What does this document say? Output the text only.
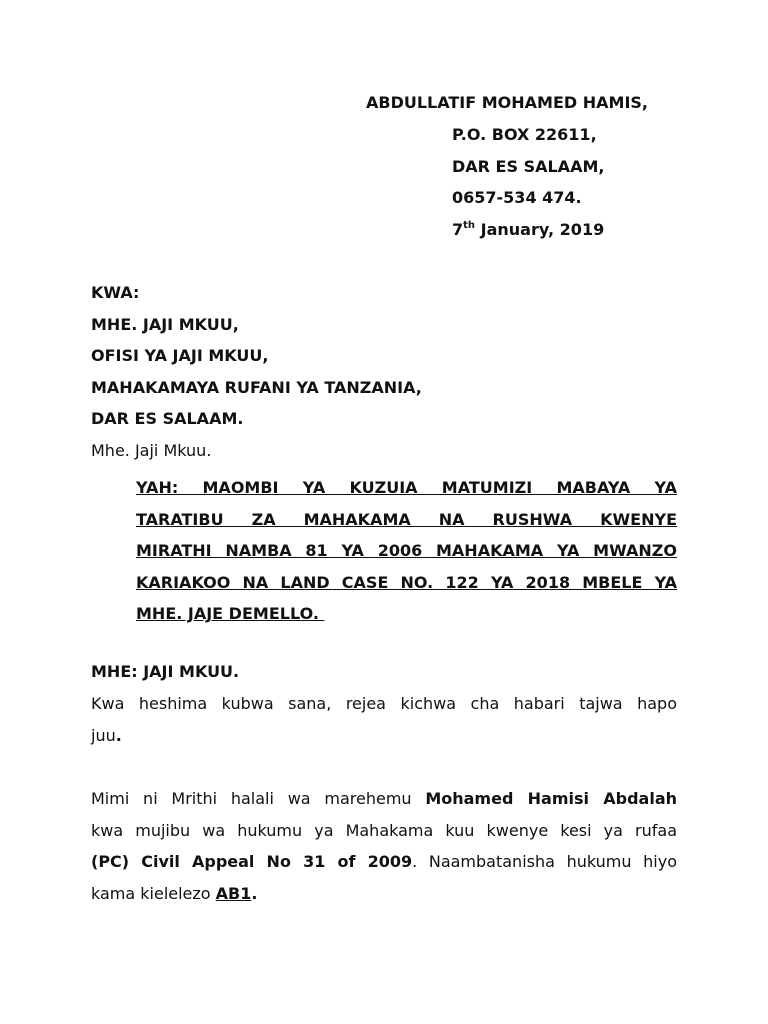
ABDULLATIF MOHAMED HAMIS,
P.O. BOX 22611,
DAR ES SALAAM,
0657-534 474.
7th January, 2019
KWA:
MHE. JAJI MKUU,
OFISI YA JAJI MKUU,
MAHAKAMAYA RUFANI YA TANZANIA,
DAR ES SALAAM.
Mhe. Jaji Mkuu.
YAH: MAOMBI YA KUZUIA MATUMIZI MABAYA YA
TARATIBU ZA MAHAKAMA NA RUSHWA KWENYE
MIRATHI NAMBA 81 YA 2006 MAHAKAMA YA MWANZO
KARIAKOO NA LAND CASE NO. 122 YA 2018 MBELE YA
MHE. JAJE DEMELLO.
MHE: JAJI MKUU.
Kwa heshima kubwa sana, rejea kichwa cha habari tajwa hapo
juu.
Mimi ni Mrithi halali wa marehemu Mohamed Hamisi Abdalah
kwa mujibu wa hukumu ya Mahakama kuu kwenye kesi ya rufaa
(PC) Civil Appeal No 31 of 2009. Naambatanisha hukumu hiyo
kama kielelezo AB1.
